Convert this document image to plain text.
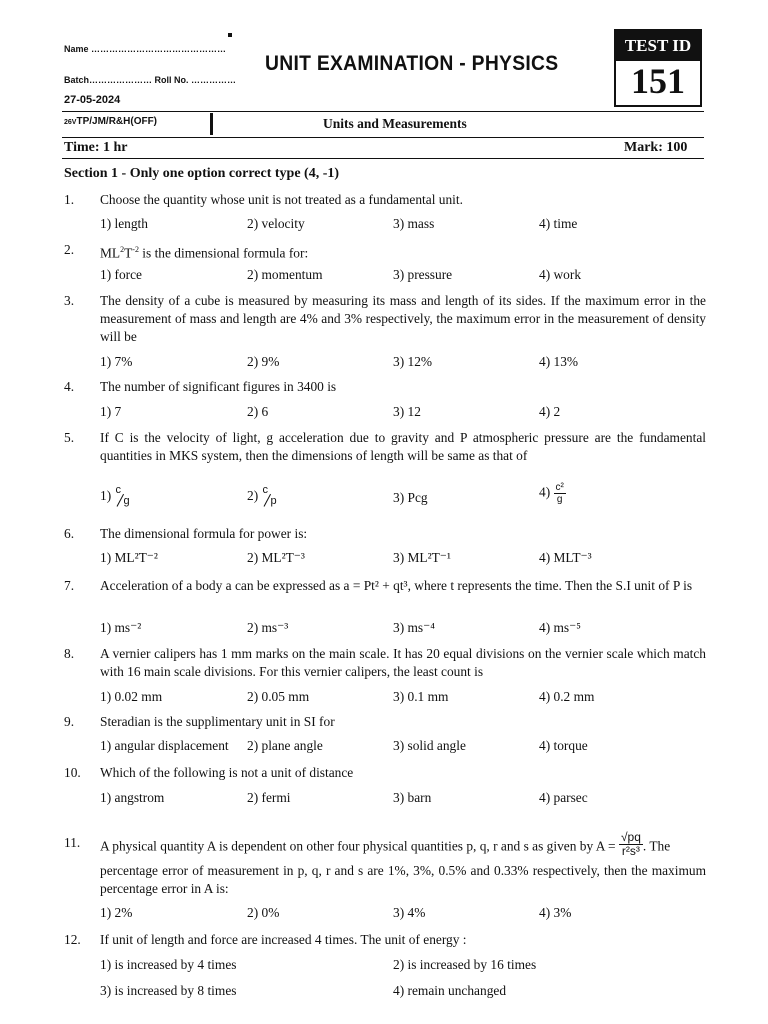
Name ………………………………………
Batch………………… Roll No. ……………
27-05-2024
UNIT EXAMINATION - PHYSICS
TEST ID
151
26VTP/JM/R&H(OFF)	Units and Measurements
Time: 1 hr	Mark: 100
Section 1 - Only one option correct type (4, -1)
1. Choose the quantity whose unit is not treated as a fundamental unit.
1) length	2) velocity	3) mass	4) time
2. $ML^2T^{-2}$ is the dimensional formula for:
1) force	2) momentum	3) pressure	4) work
3.	The density of a cube is measured by measuring its mass and length of its sides. If the maximum error in the measurement of mass and length are 4% and 3% respectively, the maximum error in the measurement of density will be
1) 7%	2) 9%	3) 12%	4) 13%
4. The number of significant figures in 3400 is
1) 7	2) 6	3) 12	4) 2
5.	If C is the velocity of light, g acceleration due to gravity and P atmospheric pressure are the fundamental quantities in MKS system, then the dimensions of length will be same as that of
1) c
g	2) c
p	3) Pcg	$4) \frac{\text{c²}}{g}$
6. The dimensional formula for power is:
1) ML²T⁻²	2) ML²T⁻³	3) ML²T⁻¹	4) MLT⁻³
7.	Acceleration of a body a can be expressed as a = Pt² + qt³, where t represents the time. Then the S.I unit of P is
1) ms⁻²	2) ms⁻³	3) ms⁻⁴	4) ms⁻⁵
8.	A vernier calipers has 1 mm marks on the main scale. It has 20 equal divisions on the vernier scale which match with 16 main scale divisions. For this vernier calipers, the least count is
1) 0.02 mm	2) 0.05 mm	3) 0.1 mm	4) 0.2 mm
9. Steradian is the supplimentary unit in SI for
1) angular displacement 2) plane angle	3) solid angle	4) torque
10. Which of the following is not a unit of distance
1) angstrom	2) fermi	3) barn	4) parsec
11. A physical quantity A is dependent on other four physical quantities p, q, r and s as given by $A = \frac{√pq}{\text{r²s³}}$ . The
percentage error of measurement in p, q, r and s are 1%, 3%, 0.5% and 0.33% respectively, then the maximum percentage error in A is:
1) 2%	2) 0%	3) 4%	4) 3%
12. If unit of length and force are increased 4 times. The unit of energy :
1) is increased by 4 times	2) is increased by 16 times
3) is increased by 8 times	4) remain unchanged
